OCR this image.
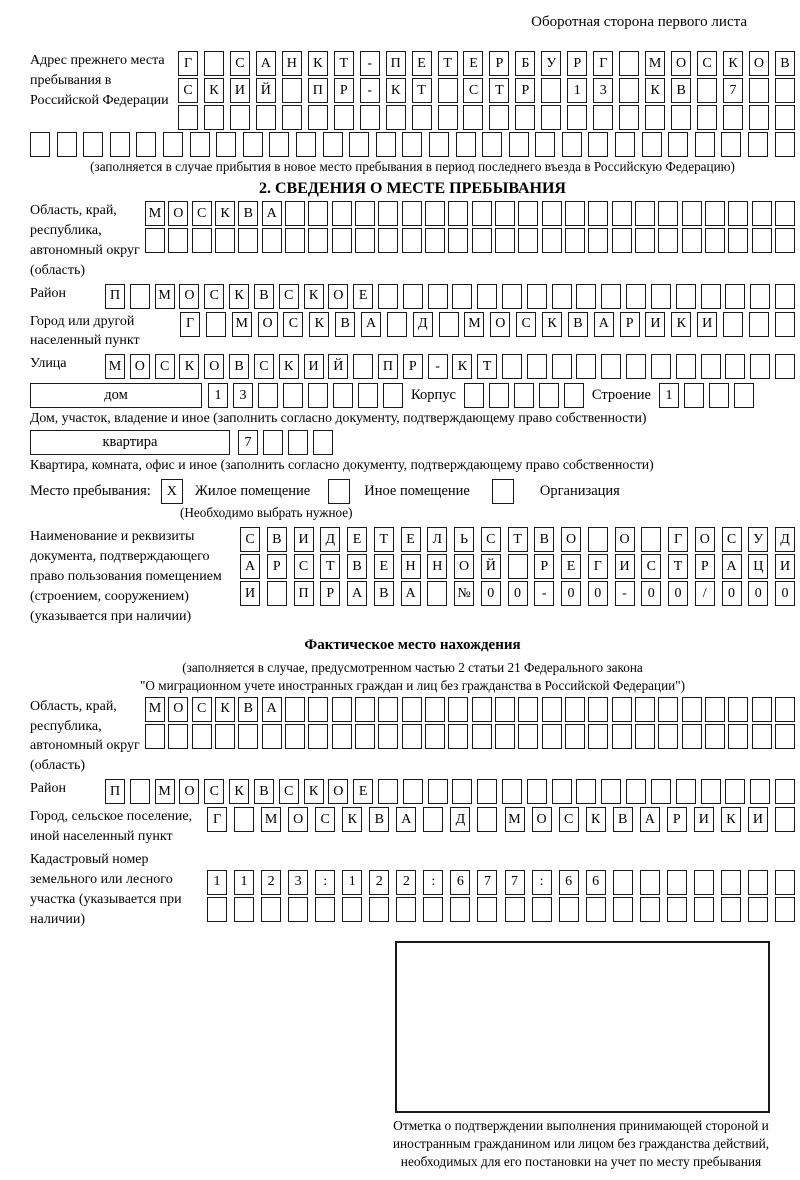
Оборотная сторона первого листа
Адрес прежнего места пребывания в Российской Федерации
Г	С	А	Н	К	Т	-	П	Е	Т	Е	Р	Б	У	Р	Г	М	О	С	К	О	В
С	К	И	Й	П	Р	-	К	Т	С	Т	Р	1	3	К	В	7
(заполняется в случае прибытия в новое место пребывания в период последнего въезда в Российскую Федерацию)
2. СВЕДЕНИЯ О МЕСТЕ ПРЕБЫВАНИЯ
Область, край, республика, автономный округ (область)
М О С К В А
Район	П	М О	С	К	В	С	К	О	Е
Город или другой населенный пункт
Г	М	О	С	К	В	А	Д	М	О	С	К	В	А	Р	И	К	И
Улица	М О	С	К	О	В	С	К	И	Й	П	Р	-	К	Т
дом	1	3	Корпус	Строение	1
Дом, участок, владение и иное (заполнить согласно документу, подтверждающему право собственности)
квартира	7
Квартира, комната, офис и иное (заполнить согласно документу, подтверждающему право собственности)
Место пребывания:	X	Жилое помещение	Иное помещение	Организация
(Необходимо выбрать нужное)
Наименование и реквизиты документа, подтверждающего право пользования помещением (строением, сооружением) (указывается при наличии)
С	В	И	Д	Е	Т	Е	Л	Ь	С	Т	В	О	О	Г	О	С	У	Д
А	Р	С	Т	В	Е	Н	Н	О	Й	Р	Е	Г	И	С	Т	Р	А	Ц	И
И	П	Р	А	В	А	№	0	0	-	0	0	-	0	0	/	0	0	0
Фактическое место нахождения
(заполняется в случае, предусмотренном частью 2 статьи 21 Федерального закона
"О миграционном учете иностранных граждан и лиц без гражданства в Российской Федерации")
Область, край, республика, автономный округ (область)
М О С К В А
Район	П	М О	С	К	В	С	К	О	Е
Город, сельское поселение, иной населенный пункт
Г	М	О	С	К	В	А	Д	М	О	С	К	В	А	Р	И	К	И
Кадастровый номер земельного или лесного участка (указывается при наличии)
1	1	2	3	:	1	2	2	:	6	7	7	:	6	6
Отметка о подтверждении выполнения принимающей стороной и иностранным гражданином или лицом без гражданства действий, необходимых для его постановки на учет по месту пребывания
